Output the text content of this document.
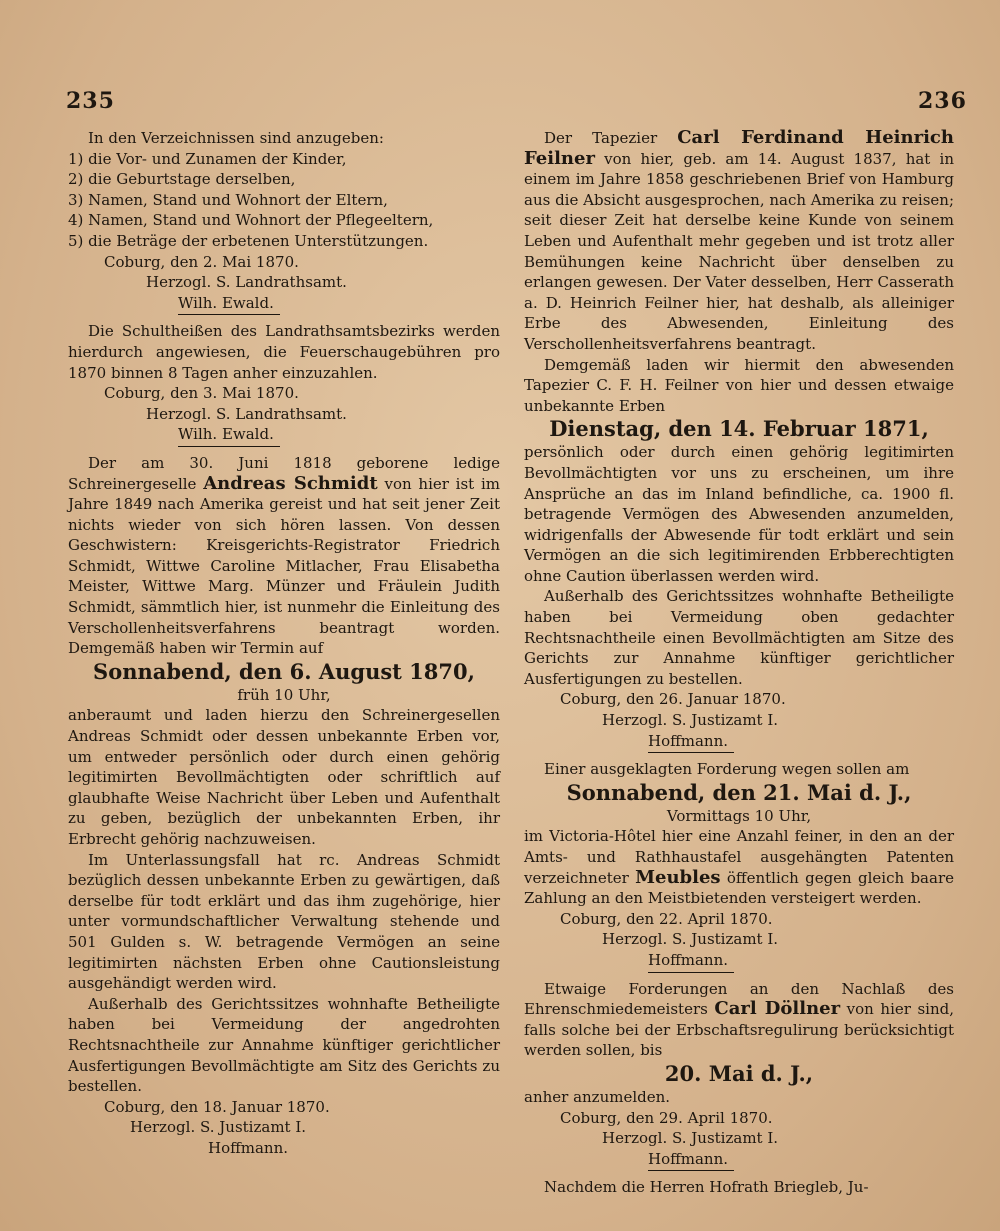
235	236

In den Verzeichnissen sind anzugeben:

1) die Vor- und Zunamen der Kinder,
2) die Geburtstage derselben,
3) Namen, Stand und Wohnort der Eltern,
4) Namen, Stand und Wohnort der Pflegeeltern,
5) die Beträge der erbetenen Unterstützungen.
Coburg, den 2. Mai 1870.
Herzogl. S. Landrathsamt.
Wilh. Ewald.

Die Schultheißen des Landrathsamtsbezirks werden hierdurch angewiesen, die Feuerschaugebühren pro 1870 binnen 8 Tagen anher einzuzahlen.

Coburg, den 3. Mai 1870.
Herzogl. S. Landrathsamt.
Wilh. Ewald.

Der am 30. Juni 1818 geborene ledige Schreinergeselle Andreas Schmidt von hier ist im Jahre 1849 nach Amerika gereist und hat seit jener Zeit nichts wieder von sich hören lassen. Von dessen Geschwistern: Kreisgerichts-Registrator Friedrich Schmidt, Wittwe Caroline Mitlacher, Frau Elisabetha Meister, Wittwe Marg. Münzer und Fräulein Judith Schmidt, sämmtlich hier, ist nunmehr die Einleitung des Verschollenheitsverfahrens beantragt worden. Demgemäß haben wir Termin auf

Sonnabend, den 6. August 1870,
früh 10 Uhr,

anberaumt und laden hierzu den Schreinergesellen Andreas Schmidt oder dessen unbekannte Erben vor, um entweder persönlich oder durch einen gehörig legitimirten Bevollmächtigten oder schriftlich auf glaubhafte Weise Nachricht über Leben und Aufenthalt zu geben, bezüglich der unbekannten Erben, ihr Erbrecht gehörig nachzuweisen.

Im Unterlassungsfall hat rc. Andreas Schmidt bezüglich dessen unbekannte Erben zu gewärtigen, daß derselbe für todt erklärt und das ihm zugehörige, hier unter vormundschaftlicher Verwaltung stehende und 501 Gulden s. W. betragende Vermögen an seine legitimirten nächsten Erben ohne Cautionsleistung ausgehändigt werden wird.

Außerhalb des Gerichtssitzes wohnhafte Betheiligte haben bei Vermeidung der angedrohten Rechtsnachtheile zur Annahme künftiger gerichtlicher Ausfertigungen Bevollmächtigte am Sitz des Gerichts zu bestellen.

Coburg, den 18. Januar 1870.
Herzogl. S. Justizamt I.
Hoffmann.

Der Tapezier Carl Ferdinand Heinrich Feilner von hier, geb. am 14. August 1837, hat in einem im Jahre 1858 geschriebenen Brief von Hamburg aus die Absicht ausgesprochen, nach Amerika zu reisen; seit dieser Zeit hat derselbe keine Kunde von seinem Leben und Aufenthalt mehr gegeben und ist trotz aller Bemühungen keine Nachricht über denselben zu erlangen gewesen. Der Vater desselben, Herr Casserath a. D. Heinrich Feilner hier, hat deshalb, als alleiniger Erbe des Abwesenden, Einleitung des Verschollenheitsverfahrens beantragt.

Demgemäß laden wir hiermit den abwesenden Tapezier C. F. H. Feilner von hier und dessen etwaige unbekannte Erben

Dienstag, den 14. Februar 1871,

persönlich oder durch einen gehörig legitimirten Bevollmächtigten vor uns zu erscheinen, um ihre Ansprüche an das im Inland befindliche, ca. 1900 fl. betragende Vermögen des Abwesenden anzumelden, widrigenfalls der Abwesende für todt erklärt und sein Vermögen an die sich legitimirenden Erbberechtigten ohne Caution überlassen werden wird.

Außerhalb des Gerichtssitzes wohnhafte Betheiligte haben bei Vermeidung oben gedachter Rechtsnachtheile einen Bevollmächtigten am Sitze des Gerichts zur Annahme künftiger gerichtlicher Ausfertigungen zu bestellen.

Coburg, den 26. Januar 1870.
Herzogl. S. Justizamt I.
Hoffmann.

Einer ausgeklagten Forderung wegen sollen am

Sonnabend, den 21. Mai d. J.,
Vormittags 10 Uhr,

im Victoria-Hôtel hier eine Anzahl feiner, in den an der Amts- und Rathhaustafel ausgehängten Patenten verzeichneter Meubles öffentlich gegen gleich baare Zahlung an den Meistbietenden versteigert werden.

Coburg, den 22. April 1870.
Herzogl. S. Justizamt I.
Hoffmann.

Etwaige Forderungen an den Nachlaß des Ehrenschmiedemeisters Carl Döllner von hier sind, falls solche bei der Erbschaftsregulirung berücksichtigt werden sollen, bis

20. Mai d. J.,
anher anzumelden.
Coburg, den 29. April 1870.
Herzogl. S. Justizamt I.
Hoffmann.

Nachdem die Herren Hofrath Briegleb, Ju-
